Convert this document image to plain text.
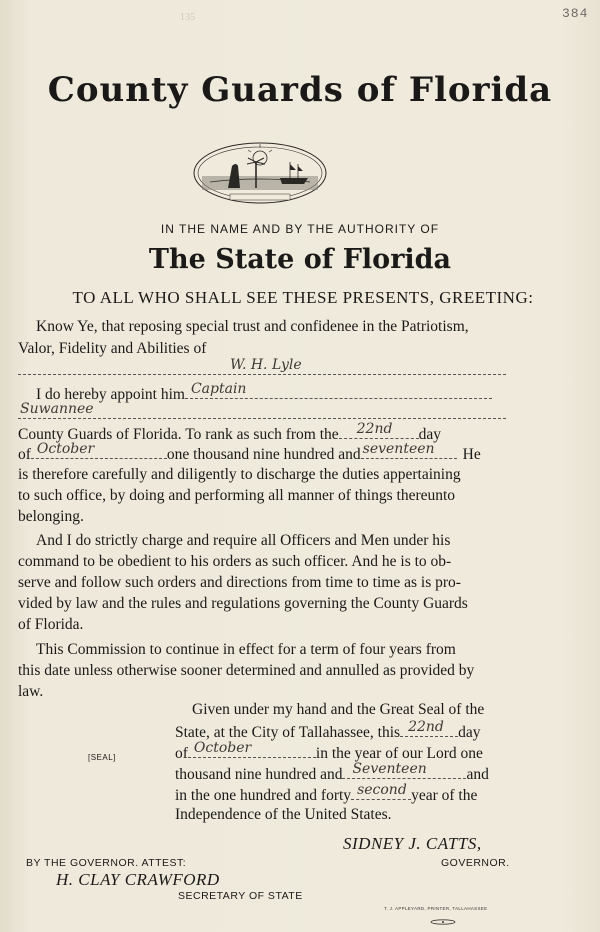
384
135
County Guards of Florida
IN THE NAME AND BY THE AUTHORITY OF
The State of Florida
TO ALL WHO SHALL SEE THESE PRESENTS, GREETING:
Know Ye, that reposing special trust and confidenee in the Patriotism,
Valor, Fidelity and Abilities of
W. H. Lyle
I do hereby appoint him Captain
Suwannee
County Guards of Florida. To rank as such from the 22nd day
of October	one thousand nine hundred and seventeen He
is therefore carefully and diligently to discharge the duties appertaining
to such office, by doing and performing all manner of things thereunto
belonging.
And I do strictly charge and require all Officers and Men under his
command to be obedient to his orders as such officer. And he is to ob-
serve and follow such orders and directions from time to time as is pro-
vided by law and the rules and regulations governing the County Guards
of Florida.
This Commission to continue in effect for a term of four years from
this date unless otherwise sooner determined and annulled as provided by
law.
Given under my hand and the Great Seal of the
State, at the City of Tallahassee, this 22nd day
of October	in the year of our Lord one
thousand nine hundred and Seventeen	and
in the one hundred and forty second year of the
Independence of the United States.
[SEAL]
SIDNEY J. CATTS,
GOVERNOR.
BY THE GOVERNOR. ATTEST:
H. CLAY CRAWFORD
SECRETARY OF STATE
T. J. APPLEYARD, PRINTER, TALLAHASSEE
